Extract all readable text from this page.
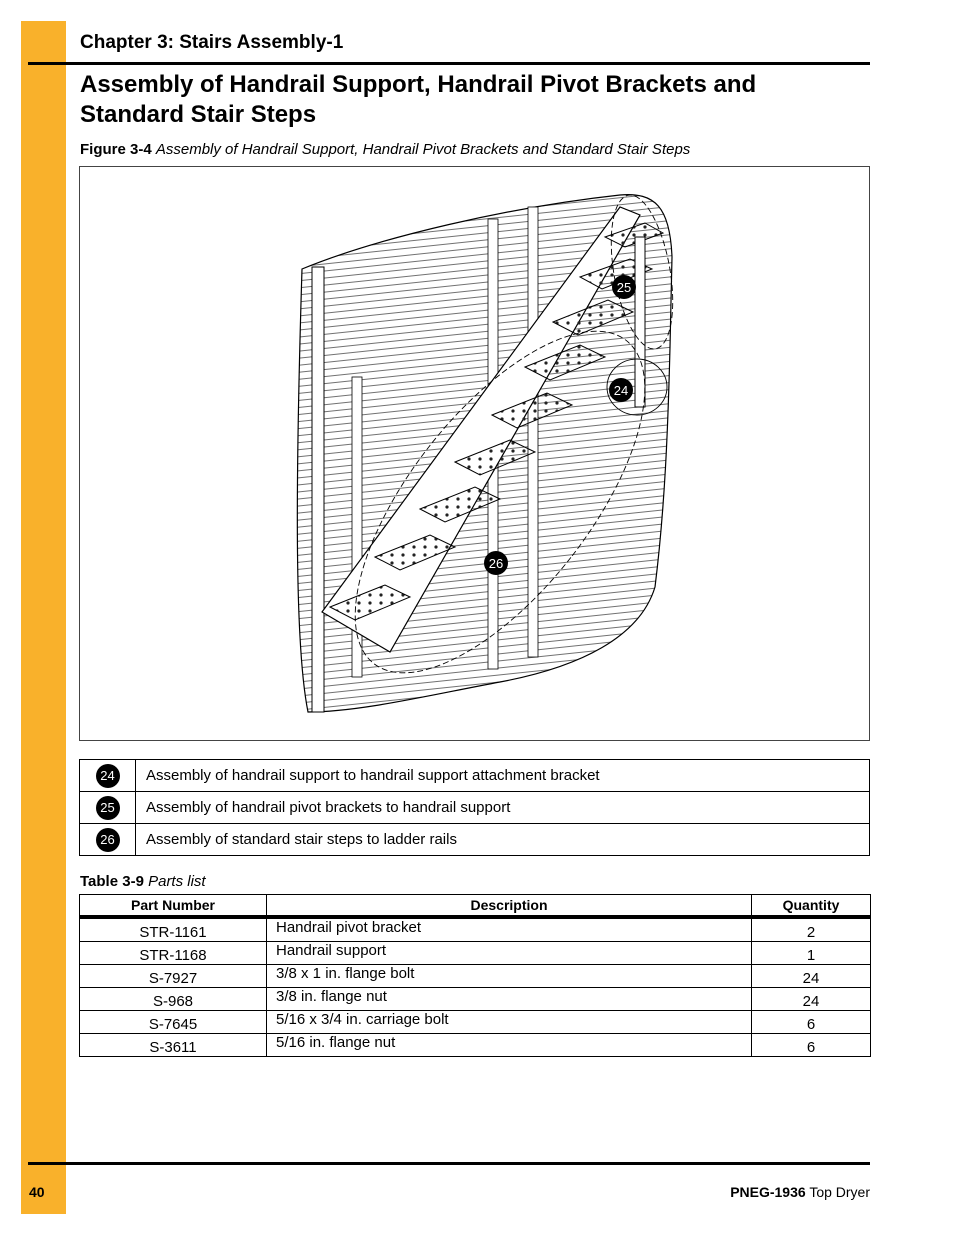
Chapter 3: Stairs Assembly-1
Assembly of Handrail Support, Handrail Pivot Brackets and Standard Stair Steps
Figure 3-4 Assembly of Handrail Support, Handrail Pivot Brackets and Standard Stair Steps
25
24
26
24	Assembly of handrail support to handrail support attachment bracket
25	Assembly of handrail pivot brackets to handrail support
26	Assembly of standard stair steps to ladder rails
Table 3-9 Parts list
Part Number	Description	Quantity
STR-1161	Handrail pivot bracket	2
STR-1168	Handrail support	1
S-7927	3/8 x 1 in. flange bolt	24
S-968	3/8 in. flange nut	24
S-7645	5/16 x 3/4 in. carriage bolt	6
S-3611	5/16 in. flange nut	6
40	PNEG-1936 Top Dryer
